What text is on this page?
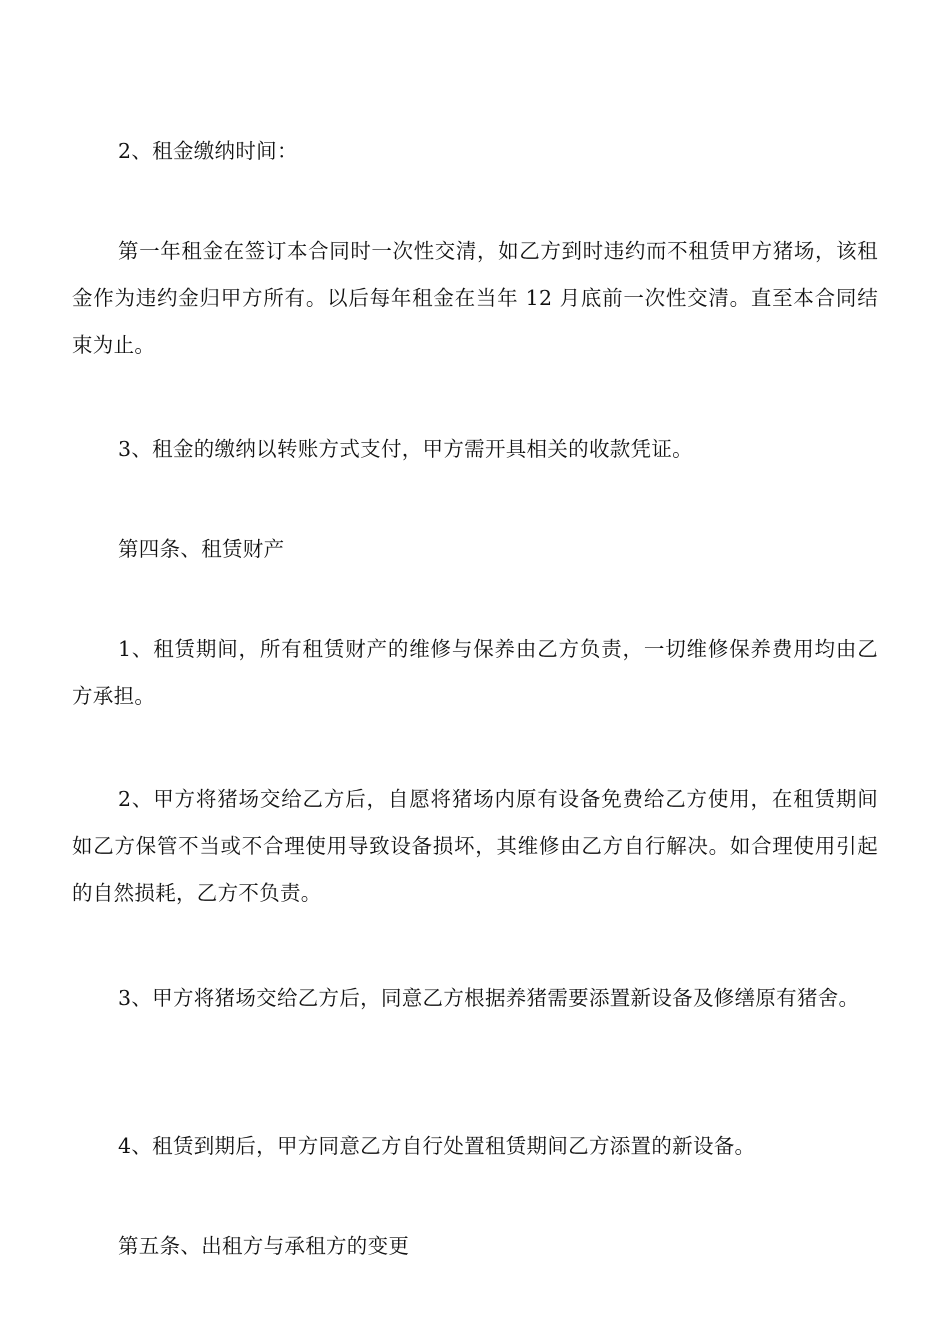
2、租金缴纳时间：

第一年租金在签订本合同时一次性交清，如乙方到时违约而不租赁甲方猪场，该租金作为违约金归甲方所有。以后每年租金在当年 12 月底前一次性交清。直至本合同结束为止。

3、租金的缴纳以转账方式支付，甲方需开具相关的收款凭证。

第四条、租赁财产

1、租赁期间，所有租赁财产的维修与保养由乙方负责，一切维修保养费用均由乙方承担。

2、甲方将猪场交给乙方后，自愿将猪场内原有设备免费给乙方使用，在租赁期间如乙方保管不当或不合理使用导致设备损坏，其维修由乙方自行解决。如合理使用引起的自然损耗，乙方不负责。

3、甲方将猪场交给乙方后，同意乙方根据养猪需要添置新设备及修缮原有猪舍。

4、租赁到期后，甲方同意乙方自行处置租赁期间乙方添置的新设备。

第五条、出租方与承租方的变更
